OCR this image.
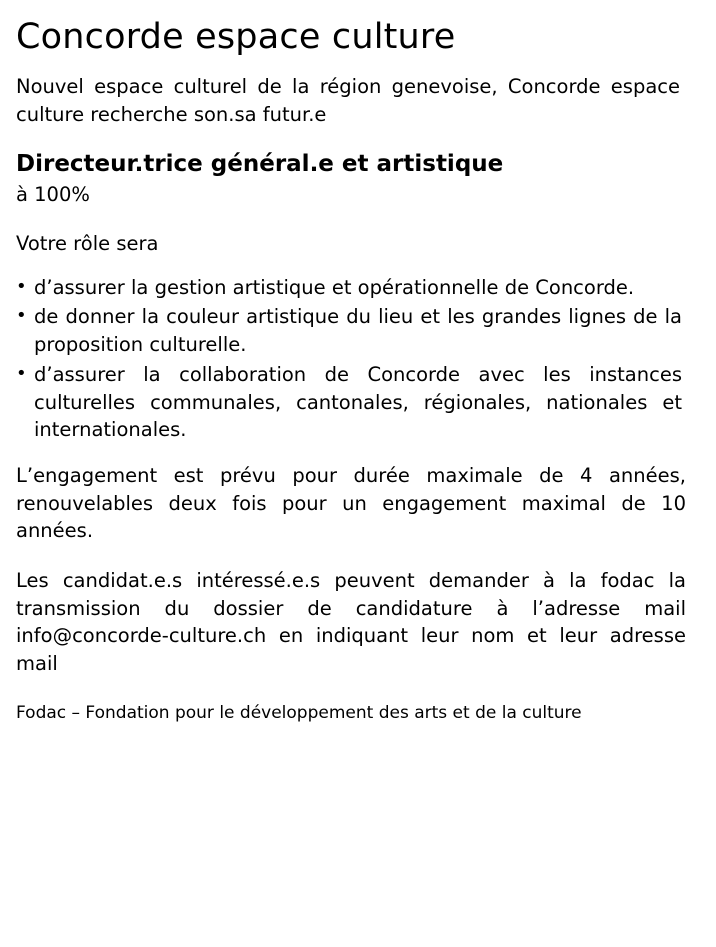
Concorde espace culture

Nouvel espace culturel de la région genevoise, Concorde espace culture recherche son.sa futur.e

Directeur.trice général.e et artistique

à 100%

Votre rôle sera

• d’assurer la gestion artistique et opérationnelle de Concorde.
• de donner la couleur artistique du lieu et les grandes lignes de la proposition culturelle.
• d’assurer la collaboration de Concorde avec les instances culturelles communales, cantonales, régionales, nationales et internationales.

L’engagement est prévu pour durée maximale de 4 années, renouvelables deux fois pour un engagement maximal de 10 années.

Les candidat.e.s intéressé.e.s peuvent demander à la fodac la transmission du dossier de candidature à l’adresse mail info@concorde-culture.ch en indiquant leur nom et leur adresse mail

Fodac – Fondation pour le développement des arts et de la culture
